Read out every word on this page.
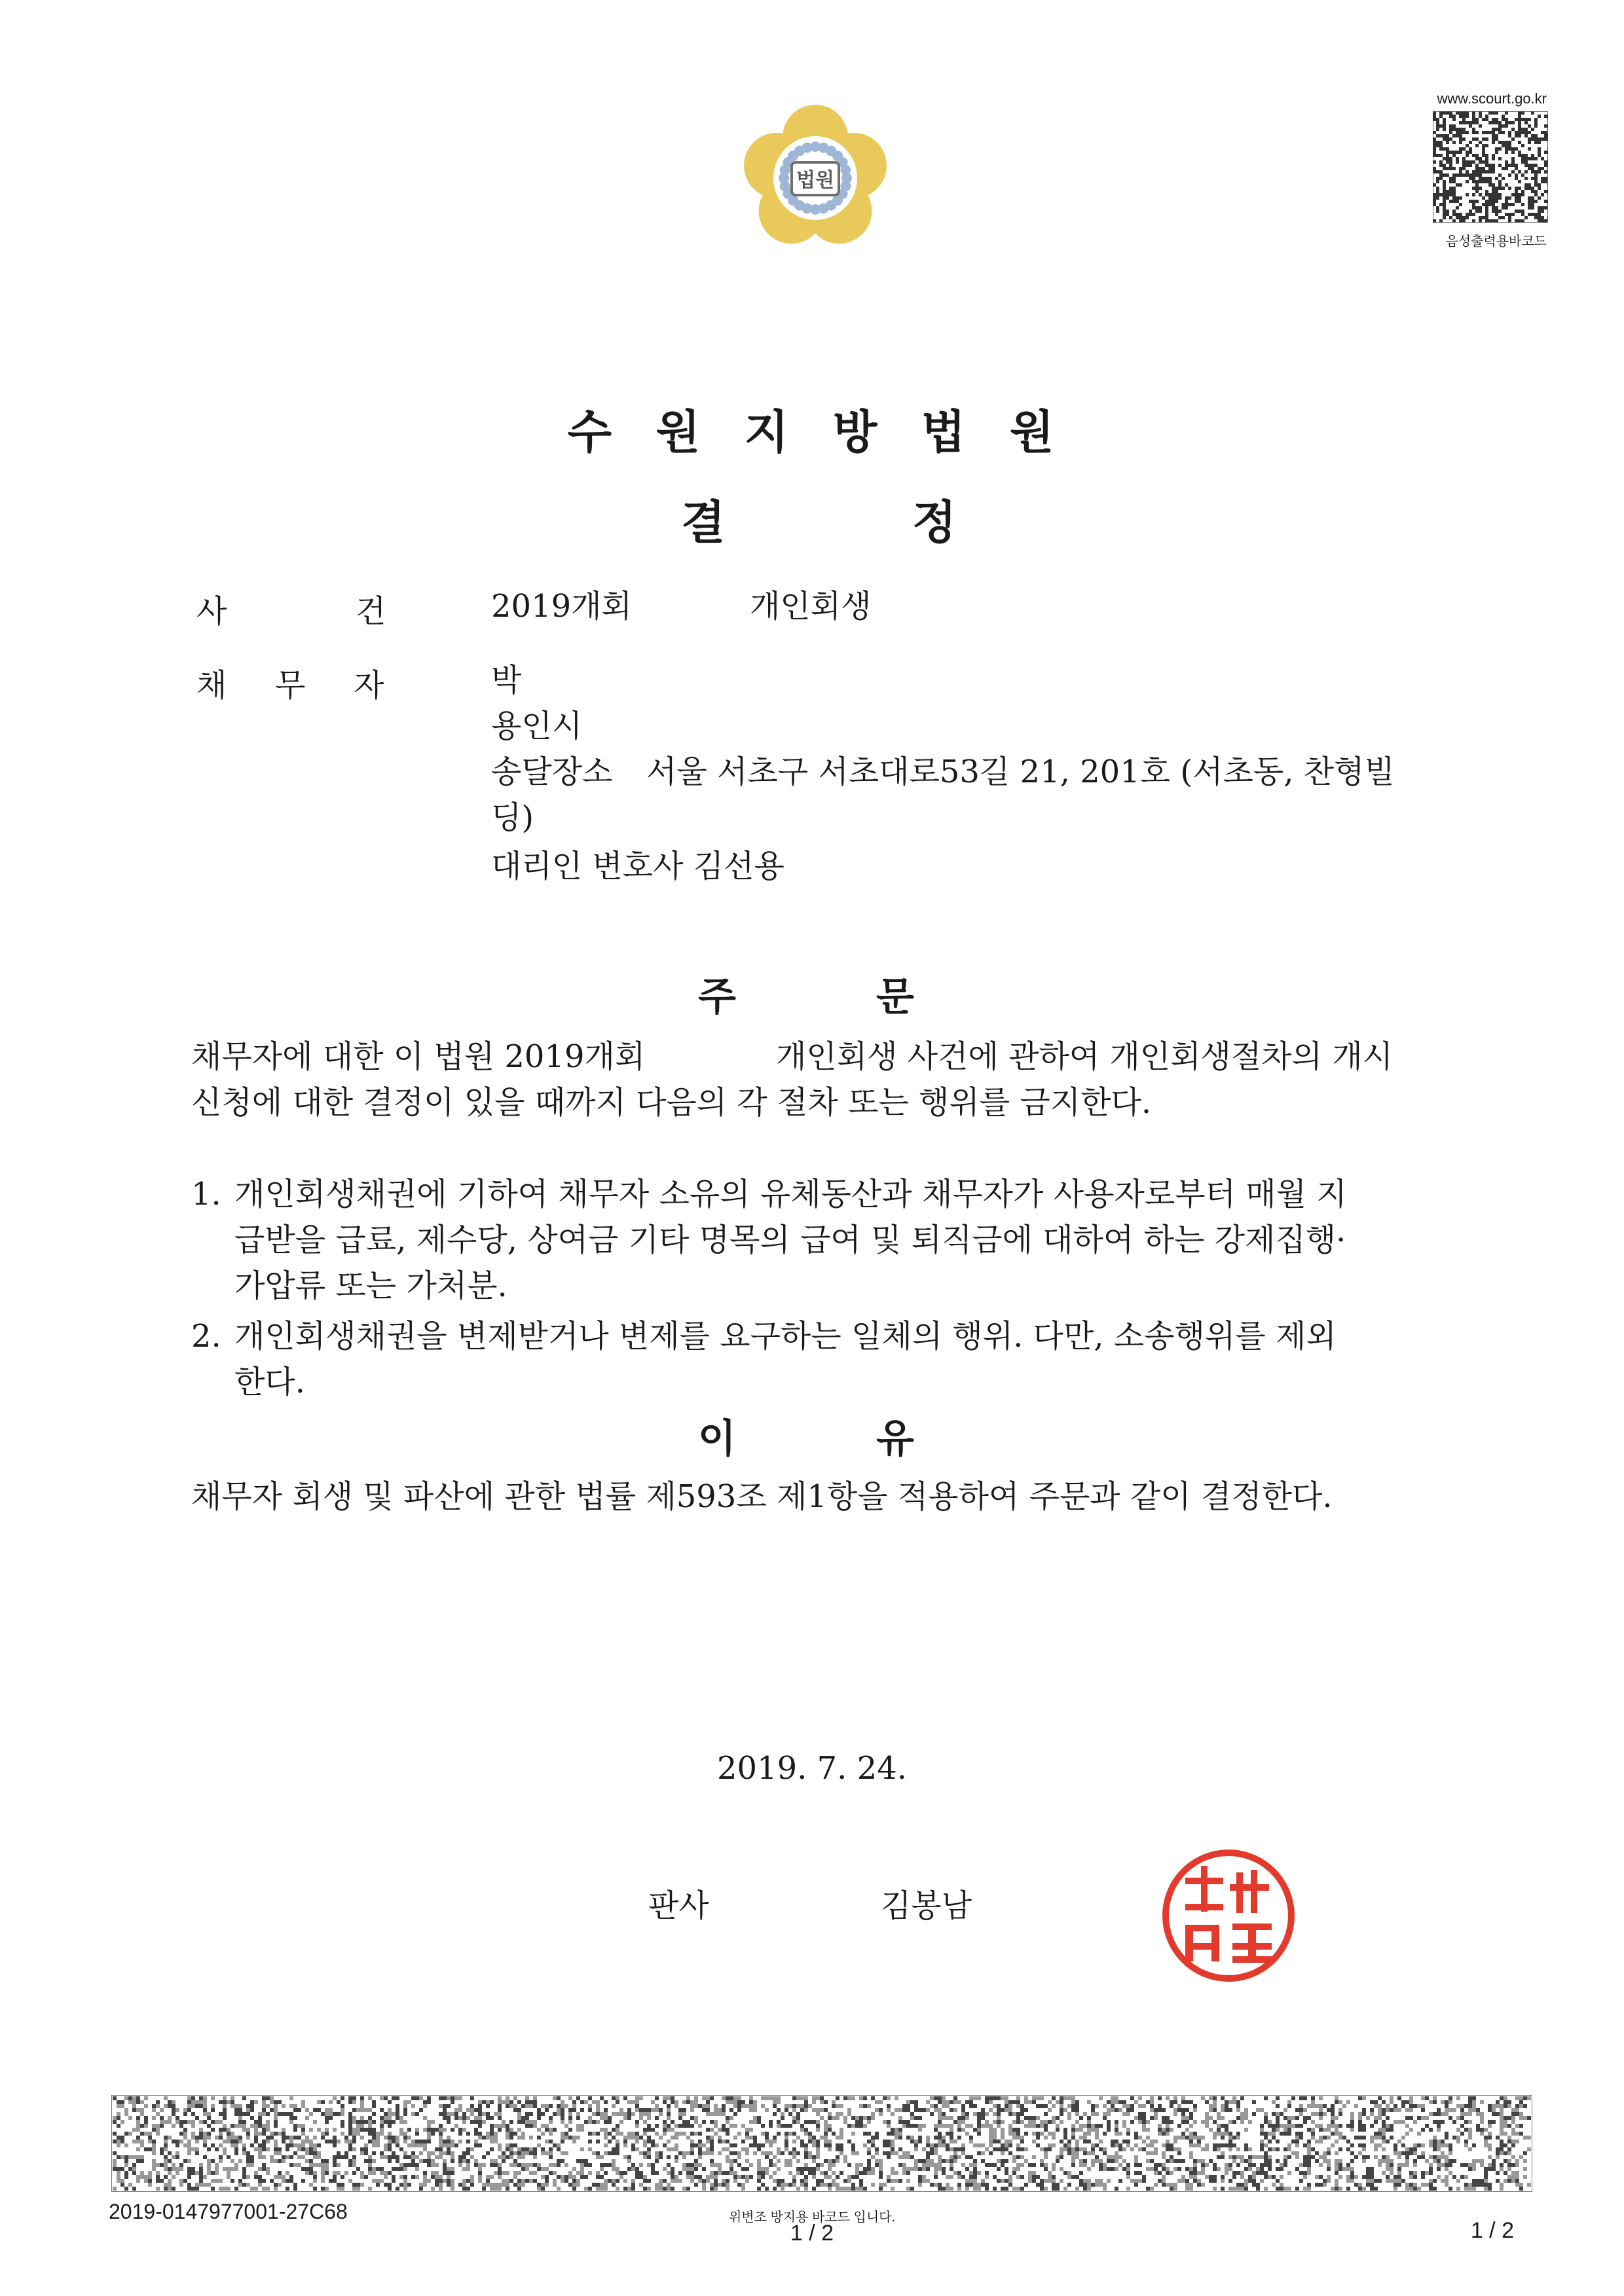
법원
www.scourt.go.kr
음성출력용바코드
수 원 지 방 법 원
결	정
사	건	2019개회	개인회생
채 무 자	박
용인시
송달장소 서울 서초구 서초대로53길 21, 201호 (서초동, 찬형빌
딩)
대리인 변호사 김선용
주	문
채무자에 대한 이 법원 2019개회	개인회생 사건에 관하여 개인회생절차의 개시
신청에 대한 결정이 있을 때까지 다음의 각 절차 또는 행위를 금지한다.
1. 개인회생채권에 기하여 채무자 소유의 유체동산과 채무자가 사용자로부터 매월 지
급받을 급료, 제수당, 상여금 기타 명목의 급여 및 퇴직금에 대하여 하는 강제집행·
가압류 또는 가처분.
2. 개인회생채권을 변제받거나 변제를 요구하는 일체의 행위. 다만, 소송행위를 제외
한다.
이	유
채무자 회생 및 파산에 관한 법률 제593조 제1항을 적용하여 주문과 같이 결정한다.
2019. 7. 24.
판사	김봉남
2019-0147977001-27C68	위변조 방지용 바코드 입니다.
1 / 2	1 / 2
